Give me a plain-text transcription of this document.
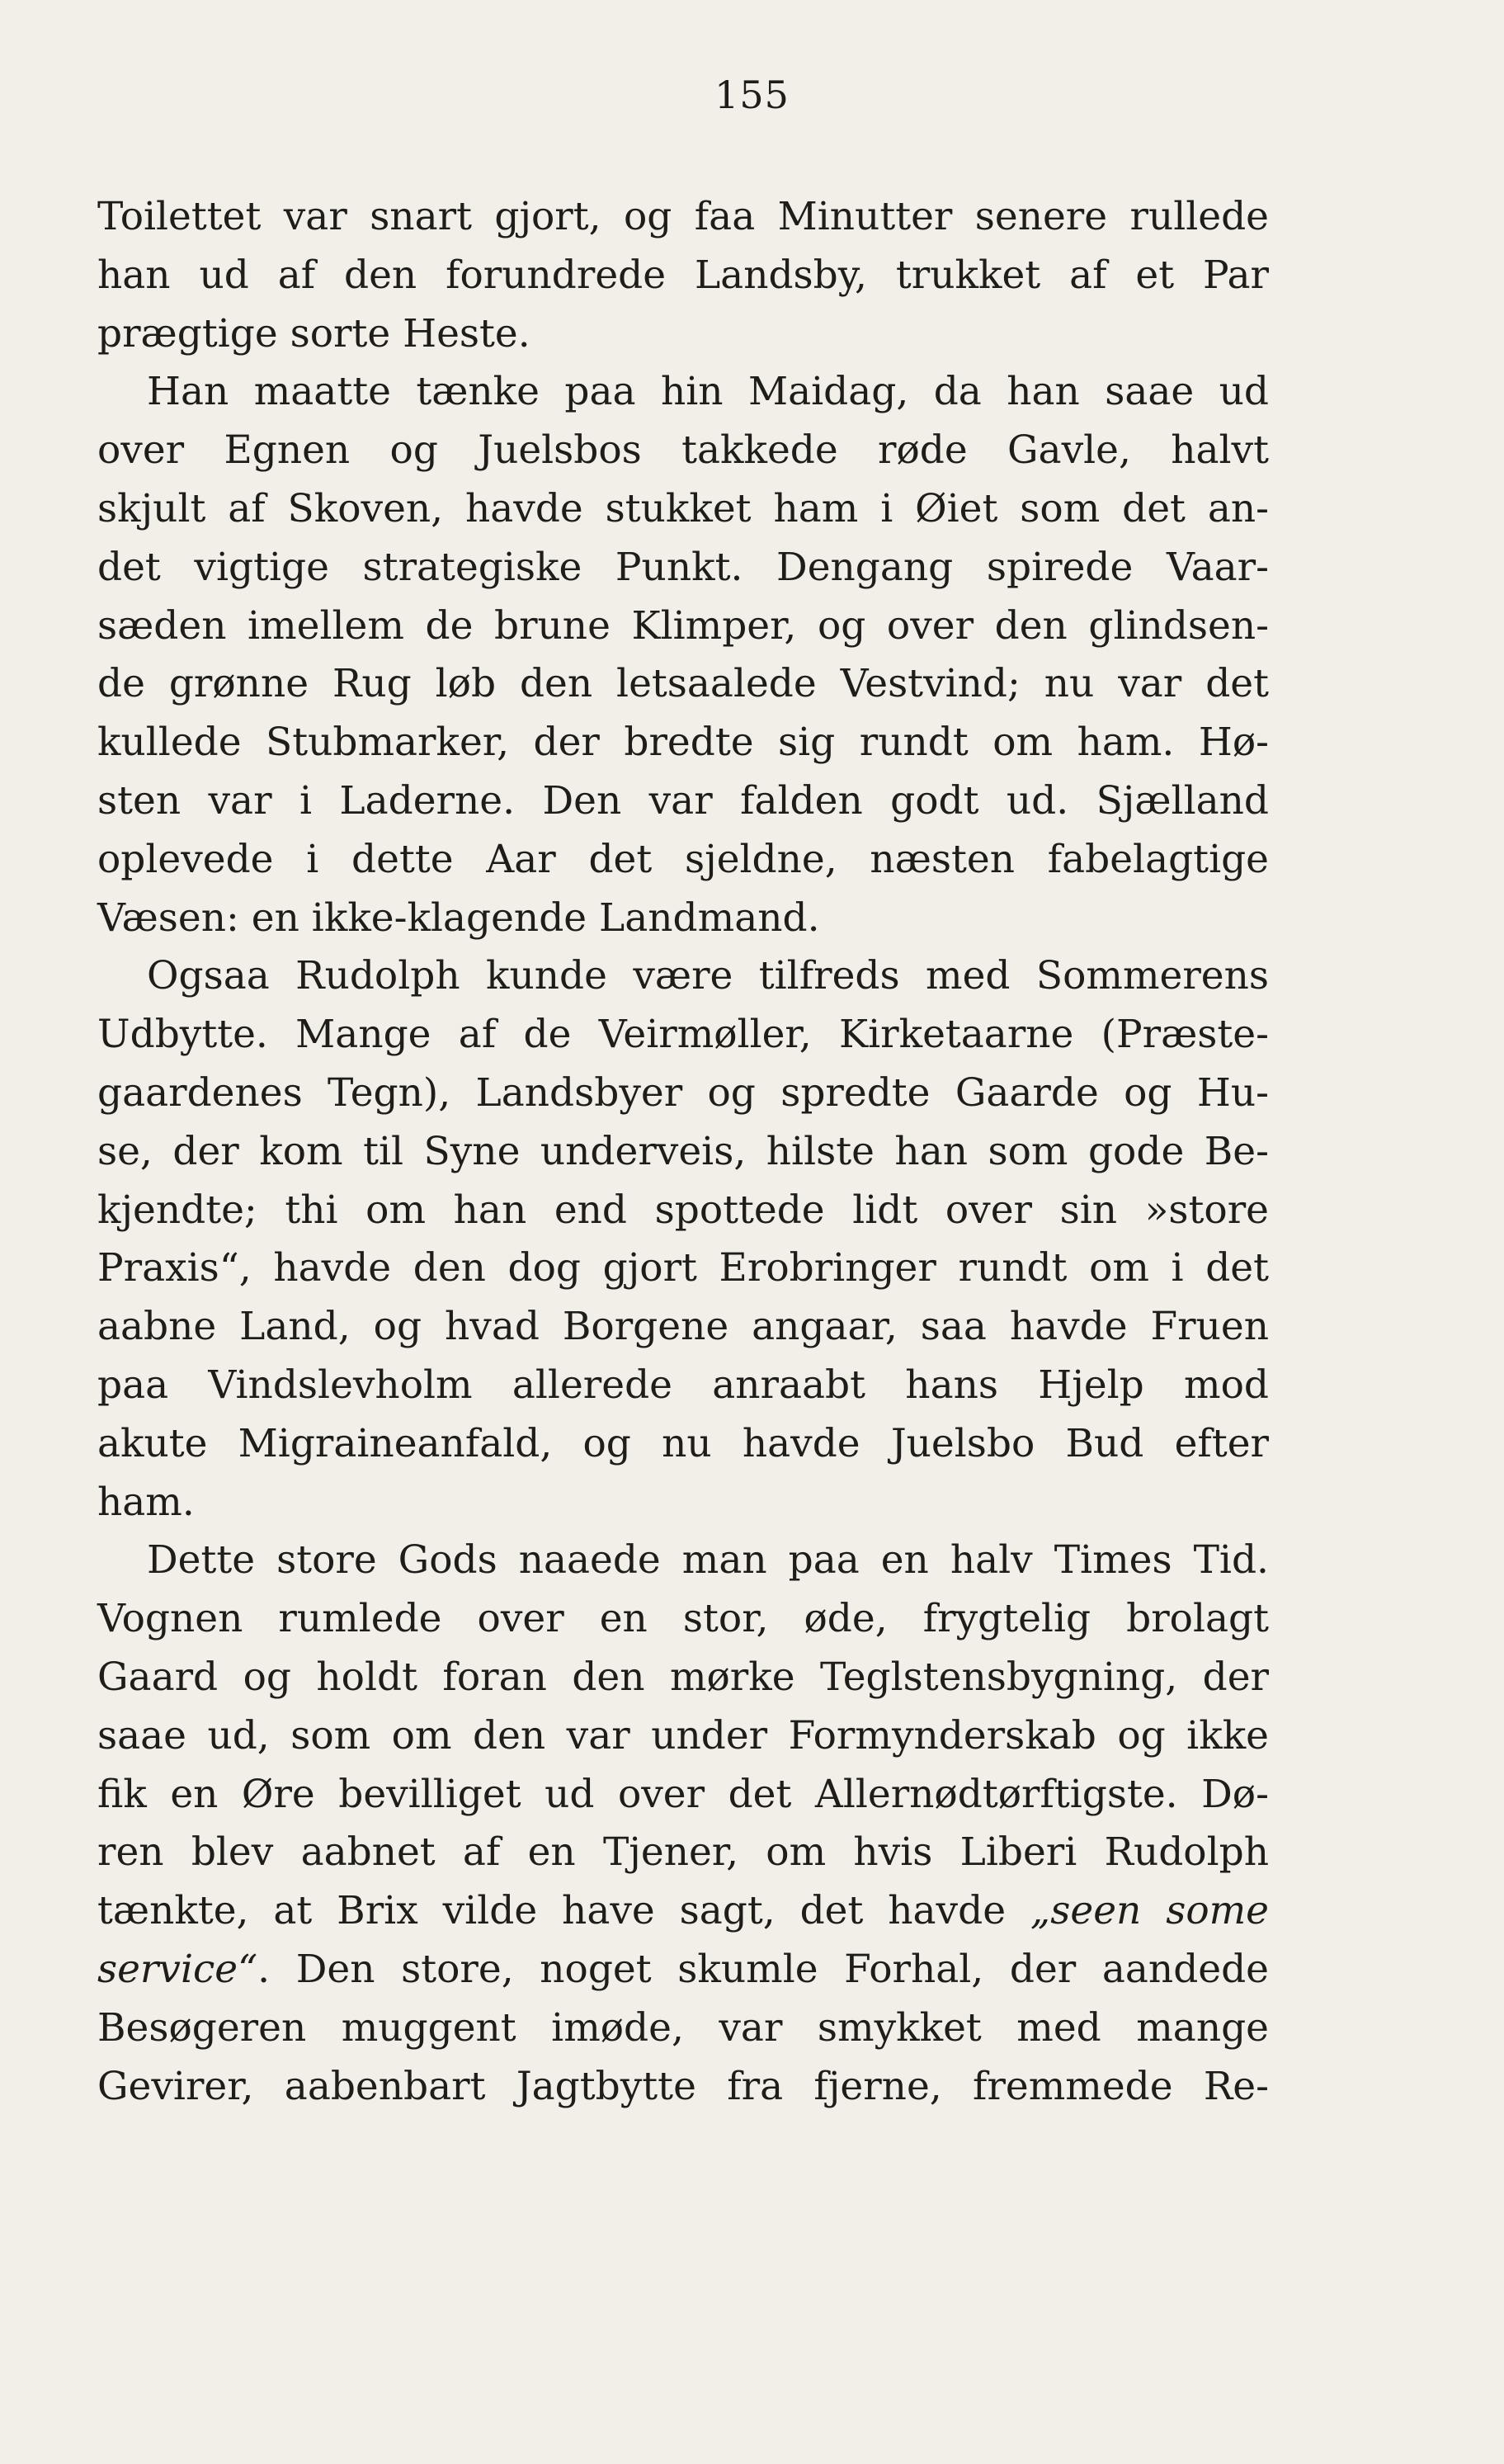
155
Toilettet var snart gjort, og faa Minutter senere rullede
han ud af den forundrede Landsby, trukket af et Par
prægtige sorte Heste.
Han maatte tænke paa hin Maidag, da han saae ud
over Egnen og Juelsbos takkede røde Gavle, halvt
skjult af Skoven, havde stukket ham i Øiet som det an-
det vigtige strategiske Punkt. Dengang spirede Vaar-
sæden imellem de brune Klimper, og over den glindsen-
de grønne Rug løb den letsaalede Vestvind; nu var det
kullede Stubmarker, der bredte sig rundt om ham. Hø-
sten var i Laderne. Den var falden godt ud. Sjælland
oplevede i dette Aar det sjeldne, næsten fabelagtige
Væsen: en ikke-klagende Landmand.
Ogsaa Rudolph kunde være tilfreds med Sommerens
Udbytte. Mange af de Veirmøller, Kirketaarne (Præste-
gaardenes Tegn), Landsbyer og spredte Gaarde og Hu-
se, der kom til Syne underveis, hilste han som gode Be-
kjendte; thi om han end spottede lidt over sin »store
Praxis“, havde den dog gjort Erobringer rundt om i det
aabne Land, og hvad Borgene angaar, saa havde Fruen
paa Vindslevholm allerede anraabt hans Hjelp mod
akute Migraineanfald, og nu havde Juelsbo Bud efter
ham.
Dette store Gods naaede man paa en halv Times Tid.
Vognen rumlede over en stor, øde, frygtelig brolagt
Gaard og holdt foran den mørke Teglstensbygning, der
saae ud, som om den var under Formynderskab og ikke
fik en Øre bevilliget ud over det Allernødtørftigste. Dø-
ren blev aabnet af en Tjener, om hvis Liberi Rudolph
tænkte, at Brix vilde have sagt, det havde „seen some
service“. Den store, noget skumle Forhal, der aandede
Besøgeren muggent imøde, var smykket med mange
Gevirer, aabenbart Jagtbytte fra fjerne, fremmede Re-
